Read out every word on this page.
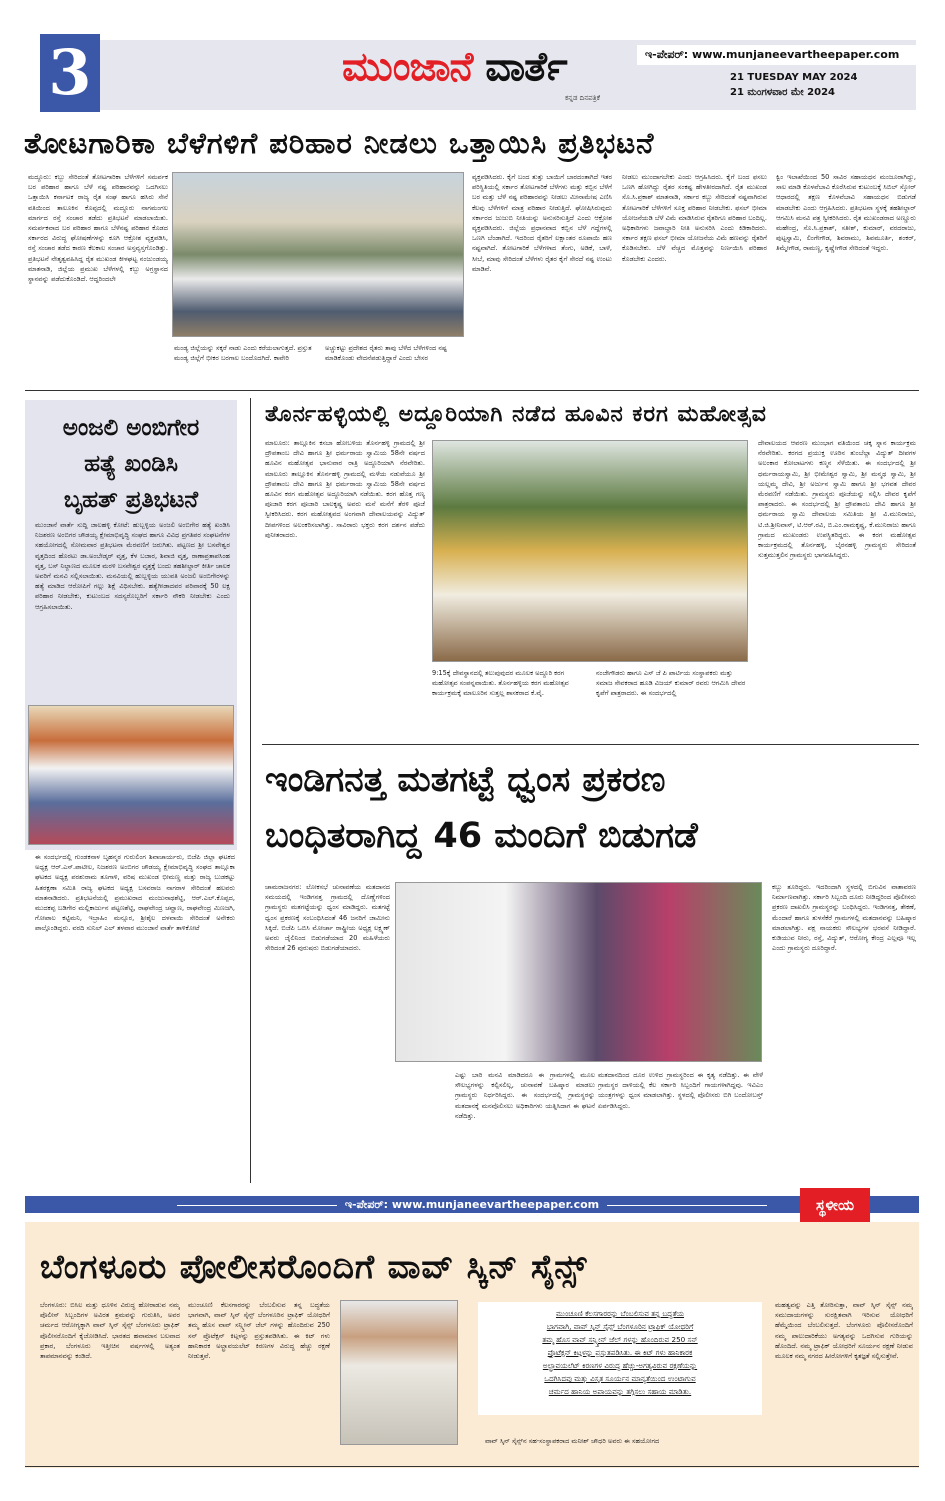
3	ಮುಂಜಾನೆ ವಾರ್ತೆ
ಕನ್ನಡ ದಿನಪತ್ರಿಕೆ
ಇ-ಪೇಪರ್: www.munjaneevartheepaper.com
21 TUESDAY MAY 2024
21 ಮಂಗಳವಾರ ಮೇ 2024
ತೋಟಗಾರಿಕಾ ಬೆಳೆಗಳಿಗೆ ಪರಿಹಾರ ನೀಡಲು ಒತ್ತಾಯಿಸಿ ಪ್ರತಿಭಟನೆ
ಮದ್ದೂರು: ಕಬ್ಬು ಸೇರಿದಂತೆ ತೋಟಗಾರಿಕಾ ಬೆಳೆಗಳಿಗೆ ಸಮರ್ಪಕ ಬರ ಪರಿಹಾರ ಹಾಗೂ ಬೆಳೆ ನಷ್ಟ ಪರಿಹಾರವನ್ನು ಒದಗಿಸಲು ಒತ್ತಾಯಿಸಿ ಕರ್ನಾಟಕ ರಾಜ್ಯ ರೈತ ಸಂಘ ಹಾಗೂ ಹಸಿರು ಸೇನೆ ವತಿಯಿಂದ ತಾಲೂಕಿನ ಕೊಪ್ಪದಲ್ಲಿ ಮದ್ದೂರು ನಾಗಮಂಗಲ ಮಾರ್ಗದ ರಸ್ತೆ ಸಂಚಾರ ತಡೆದು ಪ್ರತಿಭಟನೆ ಮಾಡಲಾಯಿತು. ಸಮರ್ಪಕವಾದ ಬರ ಪರಿಹಾರ ಹಾಗೂ ಬೆಳೆನಷ್ಟ ಪರಿಹಾರ ಕೊಡದ ಸರ್ಕಾರದ ವಿರುದ್ಧ ಘೋಷಣೆಗಳನ್ನು ಕೂಗಿ ಆಕ್ರೋಶ ವ್ಯಕ್ತಪಡಿಸಿ, ರಸ್ತೆ ಸಂಚಾರ ತಡೆದ ಕಾರಣ ಕೆಲಕಾಲ ಸಂಚಾರ ಅಸ್ತವ್ಯಸ್ತಗೊಂಡಿತ್ತು. ಪ್ರತಿಭಟನೆ ನೇತೃತ್ವವಹಿಸಿದ್ದ ರೈತ ಮುಖಂಡ ಕೀಳಘಟ್ಟ ನಂಜುಂಡಯ್ಯ ಮಾತನಾಡಿ, ಜಿಲ್ಲೆಯ ಪ್ರಮುಖ ಬೆಳೆಗಳಲ್ಲಿ ಕಬ್ಬು ಅಗ್ರಸ್ಥಾನದ ಸ್ಥಾನವನ್ನು ಪಡೆದುಕೊಂಡಿದೆ. ಆದ್ದರಿಂದಲೇ
ಮಂಡ್ಯ ಜಿಲ್ಲೆಯನ್ನು ಸಕ್ಕರೆ ನಾಡು ಎಂದು ಕರೆಯಲಾಗುತ್ತದೆ. ಪ್ರಸ್ತುತ ಮಂಡ್ಯ ಜಿಲ್ಲೆಗೆ ಭೀಕರ ಬರಗಾಲ ಬಂದೊದಗಿದೆ. ಕಾವೇರಿ
ಅಚ್ಚುಕಟ್ಟು ಪ್ರದೇಶದ ರೈತರು ತಾವು ಬೆಳೆದ ಬೆಳೆಗಳಿಂದ ನಷ್ಟ ಮಾಡಿಕೊಂಡು ವೇದನೆಪಡುತ್ತಿದ್ದಾರೆ ಎಂದು ಬೇಸರ
ವ್ಯಕ್ತಪಡಿಸಿದರು. ಕೈಗೆ ಬಂದ ತುತ್ತು ಬಾಯಿಗೆ ಬಾರದಂತಾಗಿದೆ ಇತರ ಪರಿಸ್ಥಿತಿಯಲ್ಲಿ ಸರ್ಕಾರ ತೋಟಗಾರಿಕೆ ಬೆಳೆಗಳು ಮತ್ತು ಕಬ್ಬಿನ ಬೆಳೆಗೆ ಬರ ಮತ್ತು ಬೆಳೆ ನಷ್ಟ ಪರಿಹಾರವನ್ನು ನೀಡಲು ಮೀನಾಮೇಷ ಎಣಿಸಿ ಕೆಲವು ಬೆಳೆಗಳಿಗೆ ಮಾತ್ರ ಪರಿಹಾರ ನೀಡುತ್ತಿದೆ. ಘೋಷಿಸಿರುವುದು ಸರ್ಕಾರದ ಜುಜುಬಿ ನೀತಿಯನ್ನು ಅನುಸರಿಸುತ್ತಿದೆ ಎಂದು ಆಕ್ರೋಶ ವ್ಯಕ್ತಪಡಿಸಿದರು. ಜಿಲ್ಲೆಯ ಪ್ರಧಾನವಾದ ಕಬ್ಬಿನ ಬೆಳೆ ಗದ್ದೆಗಳಲ್ಲಿ ಒಣಗಿ ಬೆಂಡಾಗಿದೆ. ಇದರಿಂದ ರೈತರಿಗೆ ಲಕ್ಷಾಂತರ ರೂಪಾಯಿ ಹಣ ನಷ್ಟವಾಗಿದೆ. ತೋಟಗಾರಿಕೆ ಬೆಳೆಗಳಾದ ತೆಂಗು, ಅಡಿಕೆ, ಬಾಳೆ, ಸೀಬೆ, ಮಾವು ಸೇರಿದಂತೆ ಬೆಳೆಗಳು ರೈತರ ಕೈಗೆ ಸೇರದೆ ನಷ್ಟ ಉಂಟು ಮಾಡಿವೆ.
ನೀಡಲು ಮುಂದಾಗಬೇಕು ಎಂದು ಆಗ್ರಹಿಸಿದರು. ಕೈಗೆ ಬಂದ ಫಸಲು ಒಣಗಿ ಹೋಗಿದ್ದು ರೈತರ ಸಂಕಷ್ಟ ಹೇಳತೀರದಾಗಿದೆ. ರೈತ ಮುಖಂಡ ಸೊ.ಸಿ.ಪ್ರಕಾಶ್ ಮಾತನಾಡಿ, ಸರ್ಕಾರ ಕಬ್ಬು ಸೇರಿದಂತೆ ನಷ್ಟವಾಗಿರುವ ತೋಟಗಾರಿಕೆ ಬೆಳೆಗಳಿಗೆ ಸೂಕ್ತ ಪರಿಹಾರ ನೀಡಬೇಕು. ಫಸಲ್ ಭೀಮಾ ಯೋಜನೆಯಡಿ ಬೆಳೆ ವಿಮೆ ಮಾಡಿಸಿರುವ ರೈತರಿಗೂ ಪರಿಹಾರ ಬಂದಿಲ್ಲ. ಅಧಿಕಾರಿಗಳು ಜವಾಬ್ದಾರಿ ನೀತಿ ಅನುಸರಿಸಿ ಎಂದು ಕಿಡಿಕಾರಿದರು. ಸರ್ಕಾರ ತಕ್ಷಣ ಫಸಲ್ ಭೀಮಾ ಯೋಜನೆಯ ವಿಮೆ ಹಣವನ್ನು ರೈತರಿಗೆ ಕೊಡಿಸಬೇಕು. ಬೆಳೆ ವೆಚ್ಚದ ಮೊತ್ತವನ್ನು ನಿರ್ಣಯಿಸಿ ಪರಿಹಾರ ಕೊಡಬೇಕು ಎಂದರು.
ಕ್ವಿಂ ಇಲಾಖೆಯಿಂದ 50 ಸಾವಿರ ಸಹಾಯಧನ ಮಂಜೂರಾಗಿದ್ದು, ಸಾಲ ಮಾಡಿ ಕೊಳವೆಬಾವಿ ಕೊರೆಸಿರುವ ಕುಟುಂಬಕ್ಕೆ ಸಿಬಿಲ್ ಸ್ಕೋರ್ ಆಧಾರದಲ್ಲಿ ತಕ್ಷಣ ಕೊಳವೆಬಾವಿ ಸಹಾಯಧನ ಬಿಡುಗಡೆ ಮಾಡಬೇಕು ಎಂದು ಆಗ್ರಹಿಸಿದರು. ಪ್ರತಿಭಟನಾ ಸ್ಥಳಕ್ಕೆ ತಹಶೀಲ್ದಾರ್ ಆಗಮಿಸಿ ಮನವಿ ಪತ್ರ ಸ್ವೀಕರಿಸಿದರು. ರೈತ ಮುಖಂಡರಾದ ಅಣ್ಣೂರು ಮಹೇಂದ್ರ, ಸೊ.ಸಿ.ಪ್ರಕಾಶ್, ಸತೀಶ್, ಕುಮಾರ್, ವರದರಾಜು, ಪುಟ್ಟಸ್ವಾಮಿ, ಲಿಂಗೇಗೌಡ, ಶಿವರಾಮು, ಶಿವಮೂರ್ತಿ, ಶಂಕರ್, ತಿಮ್ಮೇಗೌಡ, ರಾಮಣ್ಣ, ಕೃಷ್ಣೇಗೌಡ ಸೇರಿದಂತೆ ಇದ್ದರು.
ಅಂಜಲಿ ಅಂಬಿಗೇರ
ಹತ್ಯೆ ಖಂಡಿಸಿ
ಬೃಹತ್ ಪ್ರತಿಭಟನೆ
ಮುಂಜಾನೆ ವಾರ್ತೆ ಸುದ್ದಿ ಜಾಲಹಳ್ಳಿ ಕೋಟೆ: ಹುಬ್ಬಳ್ಳಿಯ ಅಂಜಲಿ ಅಂಬಿಗೇರ ಹತ್ಯೆ ಖಂಡಿಸಿ ನಿಜಶರಣ ಅಂಬಿಗರ ಚೌಡಯ್ಯ ಕ್ಷೇಮಾಭಿವೃದ್ಧಿ ಸಂಘದ ಹಾಗೂ ವಿವಿಧ ಪ್ರಗತಿಪರ ಸಂಘಟನೆಗಳ ಸಹಯೋಗದಲ್ಲಿ ಸೋಮವಾರ ಪ್ರತಿಭಟನಾ ಮೆರವಣಿಗೆ ಜರುಗಿತು. ಪಟ್ಟಣದ ಶ್ರೀ ಬಸವೇಶ್ವರ ವೃತ್ತದಿಂದ ಹೊರಟು ಡಾ.ಅಂಬೇಡ್ಕರ್ ವೃತ್ತ, ಕೆಳ ಬಜಾರ, ಶಿವಾಜಿ ವೃತ್ತ, ರಾಣಾಪ್ರತಾಪಸಿಂಹ ವೃತ್ತ, ಬಸ್ ನಿಲ್ದಾಣದ ಮೂಲಕ ಮರಳಿ ಬಸವೇಶ್ವರ ವೃತ್ತಕ್ಕೆ ಬಂದು ತಹಶೀಲ್ದಾರ್ ಕೀರ್ತಿ ಚಾಲಕ ಅವರಿಗೆ ಮನವಿ ಸಲ್ಲಿಸಲಾಯಿತು. ಮನವಿಯಲ್ಲಿ ಹುಬ್ಬಳ್ಳಿಯ ಯುವತಿ ಅಂಜಲಿ ಅಂಬಿಗೇರಳನ್ನು ಹತ್ಯೆ ಮಾಡಿದ ಆರೋಪಿಗೆ ಗಲ್ಲು ಶಿಕ್ಷೆ ವಿಧಿಸಬೇಕು. ಹತ್ಯೆಗೀಡಾದವರ ಪರಿವಾರಕ್ಕೆ 50 ಲಕ್ಷ ಪರಿಹಾರ ನೀಡಬೇಕು, ಕುಟುಂಬದ ಸದಸ್ಯರೊಬ್ಬರಿಗೆ ಸರ್ಕಾರಿ ನೌಕರಿ ನೀಡಬೇಕು ಎಂದು ಆಗ್ರಹಿಸಲಾಯಿತು.
ಈ ಸಂದರ್ಭದಲ್ಲಿ ಗುಂಡಕನಾಳ ಬೃಹನ್ಮಠ ಗುರುಲಿಂಗ ಶಿವಾಚಾರ್ಯರು, ಬಿಜೆಪಿ ಜಿಲ್ಲಾ ಘಟಕದ ಅಧ್ಯಕ್ಷ ಆರ್.ಎಸ್.ಪಾಟೀಲ, ನಿಜಶರಣ ಅಂಬಿಗರ ಚೌಡಯ್ಯ ಕ್ಷೇಮಾಭಿವೃದ್ಧಿ ಸಂಘದ ತಾಲ್ಲೂಕಾ ಘಟಕದ ಅಧ್ಯಕ್ಷ ಪರಶುರಾಮ ತೂಗಾಳಿ, ವರಿಷ ಮುಖಂಡ ಭೀಮಣ್ಣ ಮತ್ತು ರಾಜ್ಯ ಬುಡಕಟ್ಟು ಹಿತರಕ್ಷಣಾ ಸಮಿತಿ ರಾಜ್ಯ ಘಟಕದ ಅಧ್ಯಕ್ಷ ಬಸವರಾಜ ನಾಗರಾಳ ಸೇರಿದಂತೆ ಹಲವರು ಮಾತನಾಡಿದರು. ಪ್ರತಿಭಟನೆಯಲ್ಲಿ ಪ್ರಮುಖರಾದ ಮಂಜುನಾಥಶೆಟ್ಟಿ, ಆರ್.ಎಲ್.ಕೊಪ್ಪದ, ಮುದಕಪ್ಪ ಬಡಿಗೇರ ಮಲ್ಲಿಕಾರ್ಜುನ ಪಟ್ಟಣಶೆಟ್ಟಿ, ರಾಘವೇಂದ್ರ ಚವ್ಹಾಣ, ರಾಘವೇಂದ್ರ ಮಿಣಜಗಿ, ಗೋಪಾಲ ಕಟ್ಟಿಮನಿ, ಇಬ್ರಾಹಿಂ ಮನ್ಸೂರ, ಶ್ರೀಶೈಲ ದಳವಾಯಿ ಸೇರಿದಂತೆ ಅನೇಕರು ಪಾಲ್ಗೊಂಡಿದ್ದರು. ವರದಿ ಸುನಿಲ್ ಎಲ್ ತಳವಾರ ಮುಂಜಾನೆ ವಾರ್ತೆ ತಾಳಿಕೋಟೆ
ತೊರ್ನಹಳ್ಳಿಯಲ್ಲಿ ಅದ್ದೂರಿಯಾಗಿ ನಡೆದ ಹೂವಿನ ಕರಗ ಮಹೋತ್ಸವ
ಮಾಲೂರು: ತಾಲ್ಲೂಕಿನ ಕಸಬಾ ಹೋಬಳಿಯ ತೊರ್ನಹಳ್ಳಿ ಗ್ರಾಮದಲ್ಲಿ ಶ್ರೀ ದ್ರೌಪತಾಂಬ ದೇವಿ ಹಾಗೂ ಶ್ರೀ ಧರ್ಮರಾಯ ಸ್ವಾಮಿಯ 58ನೇ ವರ್ಷದ ಹೂವಿನ ಮಹೋತ್ಸವ ಭಾನುವಾರ ರಾತ್ರಿ ಅದ್ದೂರಿಯಾಗಿ ನೆರವೇರಿತು. ಮಾಲೂರು ತಾಲ್ಲೂಕಿನ ತೊರ್ನಹಳ್ಳಿ ಗ್ರಾಮದಲ್ಲಿ ಮಳೆಯ ನಡುವೆಯೂ ಶ್ರೀ ದ್ರೌಪತಾಂಬ ದೇವಿ ಹಾಗೂ ಶ್ರೀ ಧರ್ಮರಾಯ ಸ್ವಾಮಿಯ 58ನೇ ವರ್ಷದ ಹೂವಿನ ಕರಗ ಮಹೋತ್ಸವ ಅದ್ದೂರಿಯಾಗಿ ನಡೆಯಿತು. ಕರಗ ಹೊತ್ತ ಗಣ್ಯ ಪೂಜಾರಿ ಕರಗ ಪೂಜಾರಿ ಬಾಲಕೃಷ್ಣ ಅವರು ಮನೆ ಮನೆಗೆ ತೆರಳಿ ಪೂಜೆ ಸ್ವೀಕರಿಸಿದರು. ಕರಗ ಮಹೋತ್ಸವದ ಅಂಗವಾಗಿ ದೇವಾಲಯವನ್ನು ವಿದ್ಯುತ್ ದೀಪಗಳಿಂದ ಅಲಂಕರಿಸಲಾಗಿತ್ತು. ಸಾವಿರಾರು ಭಕ್ತರು ಕರಗ ದರ್ಶನ ಪಡೆದು ಪುನೀತರಾದರು.
9:15ಕ್ಕೆ ದೇವಸ್ಥಾನದಲ್ಲಿ ತಲುಪುವುದರ ಮೂಲಕ ಅದ್ದೂರಿ ಕರಗ ಮಹೋತ್ಸವ ಸಂಪನ್ನವಾಯಿತು. ತೊರ್ನಹಳ್ಳಿಯ ಕರಗ ಮಹೋತ್ಸವ ಕಾರ್ಯಕ್ರಮಕ್ಕೆ ಮಾಲೂರಿನ ಸುತ್ತಲ್ಲ ಶಾಸಕರಾದ ಕೆ.ವೈ.
ನಂಜೇಗೌಡರು ಹಾಗೂ ಎಸ್ ಜೆ ಪಿ ಪಾರ್ಟಿಯ ಸಂಸ್ಥಾಪಕರು ಮತ್ತು ಸಮಾಜ ಸೇವಕರಾದ ಹೂಡಿ ವಿಜಯ್ ಕುಮಾರ್ ರವರು ಆಗಮಿಸಿ ದೇವರ ಕೃಪೆಗೆ ಪಾತ್ರರಾದರು. ಈ ಸಂದರ್ಭದಲ್ಲಿ
ದೇವಾಲಯದ ಆವರಣ ಮುಂಭಾಗ ವತಿಯಿಂದ ಚಕ್ಕ ಸ್ನಾನ ಕಾರ್ಯಕ್ರಮ ನೆರವೇರಿತು. ಕರಗದ ಪ್ರಯುಕ್ತ ಊರಿನ ತುಂಬೆಲ್ಲಾ ವಿದ್ಯುತ್ ದೀಪಗಳ ಅಲಂಕಾರ ಕೋಲಾಟಗಳು ಕಣ್ಮನ ಸೆಳೆಯಿತು. ಈ ಸಂದರ್ಭದಲ್ಲಿ ಶ್ರೀ ಧರ್ಮರಾಯಸ್ವಾಮಿ, ಶ್ರೀ ಭೀಮೇಶ್ವರ ಸ್ವಾಮಿ, ಶ್ರೀ ಮನ್ಮಥ ಸ್ವಾಮಿ, ಶ್ರೀ ಯಲ್ಲಮ್ಮ ದೇವಿ, ಶ್ರೀ ಅರ್ಜುನ ಸ್ವಾಮಿ ಹಾಗೂ ಶ್ರೀ ಭಗವತ ದೇವರ ಮೆರವಣಿಗೆ ನಡೆಯಿತು. ಗ್ರಾಮಸ್ಥರು ಪೂಜೆಯನ್ನು ಸಲ್ಲಿಸಿ ದೇವರ ಕೃಪೆಗೆ ಪಾತ್ರರಾದರು. ಈ ಸಂದರ್ಭದಲ್ಲಿ ಶ್ರೀ ದ್ರೌಪತಾಂಬ ದೇವಿ ಹಾಗೂ ಶ್ರೀ ಧರ್ಮರಾಯ ಸ್ವಾಮಿ ದೇವಾಲಯ ಸಮಿತಿಯ ಶ್ರೀ ವಿ.ಮುನಿರಾಜು, ಟಿ.ಜಿ.ಶ್ರೀನಿವಾಸ್, ಟಿ.ಆರ್.ರವಿ, ಬಿ.ಎಂ.ರಾಮಕೃಷ್ಣ, ಕೆ.ಮುನಿರಾಜು ಹಾಗೂ ಗ್ರಾಮದ ಮುಖಂಡರು ಉಪಸ್ಥಿತರಿದ್ದರು. ಈ ಕರಗ ಮಹೋತ್ಸವ ಕಾರ್ಯಕ್ರಮದಲ್ಲಿ ತೊರ್ನಹಳ್ಳಿ, ಬೈರನಹಳ್ಳಿ ಗ್ರಾಮಸ್ಥರು ಸೇರಿದಂತೆ ಸುತ್ತಮುತ್ತಲಿನ ಗ್ರಾಮಸ್ಥರು ಭಾಗವಹಿಸಿದ್ದರು.
ಇಂಡಿಗನತ್ತ ಮತಗಟ್ಟೆ ಧ್ವಂಸ ಪ್ರಕರಣ
ಬಂಧಿತರಾಗಿದ್ದ 46 ಮಂದಿಗೆ ಬಿಡುಗಡೆ
ಚಾಮರಾಜನಗರ: ಲೋಕಸಭೆ ಚುನಾವಣೆಯ ಮತದಾನದ ಸಮಯದಲ್ಲಿ ಇಂಡಿಗನತ್ತ ಗ್ರಾಮದಲ್ಲಿ ದೊಣ್ಣೆಗಳಿಂದ ಗ್ರಾಮಸ್ಥರು ಮತಗಟ್ಟೆಯನ್ನು ಧ್ವಂಸ ಮಾಡಿದ್ದರು. ಮತಗಟ್ಟೆ ಧ್ವಂಸ ಪ್ರಕರಣಕ್ಕೆ ಸಂಬಂಧಿಸಿದಂತೆ 46 ಜನರಿಗೆ ಜಾಮೀನು ಸಿಕ್ಕಿದೆ. ಬಿಜೆಪಿ ಒಬಿಸಿ ಮೋರ್ಚಾ ರಾಷ್ಟ್ರೀಯ ಅಧ್ಯಕ್ಷ ಲಕ್ಷ್ಮಣ್ ಅವರು ಜೈಲಿನಿಂದ ಬಿಡುಗಡೆಯಾದ 20 ಮಹಿಳೆಯರು ಸೇರಿದಂತೆ 26 ಪುರುಷರು ಬಿಡುಗಡೆಯಾದರು.
ಎಷ್ಟು ಬಾರಿ ಮನವಿ ಮಾಡಿದರೂ ಈ ಗ್ರಾಮಗಳಲ್ಲಿ ಮೂಲ ಸೌಲಭ್ಯಗಳನ್ನು ಕಲ್ಪಿಸಲಿಲ್ಲ, ಚುನಾವಣೆ ಬಹಿಷ್ಕಾರ ಮಾಡಲು ಗ್ರಾಮಸ್ಥರು ನಿರ್ಧರಿಸಿದ್ದರು. ಈ ಸಂದರ್ಭದಲ್ಲಿ ಗ್ರಾಮಸ್ಥರನ್ನು ಮತದಾನಕ್ಕೆ ಮನವೊಲಿಸಲು ಅಧಿಕಾರಿಗಳು ಯತ್ನಿಸಿದಾಗ ಈ ಘಟನೆ ನಡೆದಿತ್ತು.
ಮತದಾನದಿಂದ ದೂರ ಉಳಿದ ಗ್ರಾಮಸ್ಥರಿಂದ ಈ ಕೃತ್ಯ ನಡೆದಿತ್ತು. ಈ ವೇಳೆ ಗ್ರಾಮಸ್ಥರ ದಾಳಿಯಲ್ಲಿ ಕೆಲ ಸರ್ಕಾರಿ ಸಿಬ್ಬಂದಿಗೆ ಗಾಯಗಳಾಗಿದ್ದವು. ಇವಿಎಂ ಯಂತ್ರಗಳನ್ನು ಧ್ವಂಸ ಮಾಡಲಾಗಿತ್ತು. ಸ್ಥಳದಲ್ಲಿ ಪೊಲೀಸರು ಬಿಗಿ ಬಂದೋಬಸ್ತ್ ಏರ್ಪಡಿಸಿದ್ದರು.
ಕಬ್ಬು ತೂರಿದ್ದರು. ಇದರಿಂದಾಗಿ ಸ್ಥಳದಲ್ಲಿ ಬಿಗುವಿನ ವಾತಾವರಣ ನಿರ್ಮಾಣವಾಗಿತ್ತು. ಸರ್ಕಾರಿ ಸಿಬ್ಬಂದಿ ದೂರು ನೀಡಿದ್ದರಿಂದ ಪೊಲೀಸರು ಪ್ರಕರಣ ದಾಖಲಿಸಿ ಗ್ರಾಮಸ್ಥರನ್ನು ಬಂಧಿಸಿದ್ದರು. ಇಂಡಿಗನತ್ತ, ತೇಕಣೆ, ಮೆಂದಾರೆ ಹಾಗೂ ತುಳಸೆಕೆರೆ ಗ್ರಾಮಗಳಲ್ಲಿ ಮತದಾನವನ್ನು ಬಹಿಷ್ಕಾರ ಮಾಡಲಾಗಿತ್ತು. ಪಕ್ಷ ನಾಯಕರು ಸೌಲಭ್ಯಗಳ ಭರವಸೆ ನೀಡಿದ್ದಾರೆ. ಕುಡಿಯುವ ನೀರು, ರಸ್ತೆ, ವಿದ್ಯುತ್, ಆರೋಗ್ಯ ಕೇಂದ್ರ ಎಲ್ಲವೂ ಇಲ್ಲ ಎಂದು ಗ್ರಾಮಸ್ಥರು ದೂರಿದ್ದಾರೆ.
ಇ-ಪೇಪರ್: www.munjaneevartheepaper.com	ಸ್ಥಳೀಯ
ಬೆಂಗಳೂರು ಪೋಲೀಸರೊಂದಿಗೆ ವಾವ್ ಸ್ಕಿನ್ ಸೈನ್ಸ್
ಬೆಂಗಳೂರು: ಬಿಸಿಲ ಮತ್ತು ಧೂಳಿನ ವಿರುದ್ಧ ಹೋರಾಡುವ ನಮ್ಮ ಪೊಲೀಸ್ ಸಿಬ್ಬಂದಿಗಳ ಅವಿರತ ಶ್ರಮವನ್ನು ಗುರುತಿಸಿ, ಅವರ ಚರ್ಮದ ಆರೋಗ್ಯಕ್ಕಾಗಿ ವಾವ್ ಸ್ಕಿನ್ ಸೈನ್ಸ್ ಬೆಂಗಳೂರು ಟ್ರಾಫಿಕ್ ಪೊಲೀಸರೊಂದಿಗೆ ಕೈಜೋಡಿಸಿದೆ. ಭಾರತದ ಹವಾಮಾನ ಬಲವಾದ ಪ್ರಕಾರ, ಬೆಂಗಳೂರು ಇತ್ತೀಚಿನ ವರ್ಷಗಳಲ್ಲಿ ಅತ್ಯಂತ ತಾಪಮಾನವನ್ನು ಕಂಡಿದೆ.
ಮುಂಚೂಣಿ ಕೆಲಸಗಾರರನ್ನು ಬೆಂಬಲಿಸುವ ತನ್ನ ಬದ್ಧತೆಯ ಭಾಗವಾಗಿ, ವಾವ್ ಸ್ಕಿನ್ ಸೈನ್ಸ್ ಬೆಂಗಳೂರಿನ ಟ್ರಾಫಿಕ್ ಯೋಧರಿಗೆ ತಮ್ಮ ಹೊಸ ವಾವ್ ಸನ್ಸ್ಕ್ರೀನ್ ಜೆಲ್ ಗಳನ್ನು ಹೊಂದಿರುವ 250 ಸನ್ ಪ್ರೊಟೆಕ್ಷನ್ ಕಿಟ್ಗಳನ್ನು ಪ್ರಸ್ತುತಪಡಿಸಿತು. ಈ ಕಿಟ್ ಗಳು ಹಾನಿಕಾರಕ ಅಲ್ಟ್ರಾವಯಲೆಟ್ ಕಿರಣಗಳ ವಿರುದ್ಧ ಹೆಚ್ಚು ರಕ್ಷಣೆ ನೀಡುತ್ತವೆ.
ಮುಂಚೂಣಿ ಕೆಲಸಗಾರರನ್ನು ಬೆಂಬಲಿಸುವ ತನ್ನ ಬದ್ಧತೆಯ
ಭಾಗವಾಗಿ, ವಾವ್ ಸ್ಕಿನ್ ಸೈನ್ಸ್ ಬೆಂಗಳೂರಿನ ಟ್ರಾಫಿಕ್ ಯೋಧರಿಗೆ
ತಮ್ಮ ಹೊಸ ವಾವ್ ಸನ್ಸ್ಕ್ರೀನ್ ಜೆಲ್ ಗಳನ್ನು ಹೊಂದಿರುವ 250 ಸನ್
ಪ್ರೊಟೆಕ್ಷನ್ ಕಿಟ್ಗಳನ್ನು ಪ್ರಸ್ತುತಪಡಿಸಿತು. ಈ ಕಿಟ್ ಗಳು ಹಾನಿಕಾರಕ
ಅಲ್ಟ್ರಾವಯಲೆಟ್ ಕಿರಣಗಳ ವಿರುದ್ಧ ಹೆಚ್ಚು-ಅಗತ್ಯವಿರುವ ರಕ್ಷಣೆಯನ್ನು
ಒದಗಿಸಿದವು ಮತ್ತು ವಿಸ್ತೃತ ಸೂರ್ಯನ ಮಾನ್ಯತೆಯಿಂದ ಉಂಟಾಗುವ
ಚರ್ಮದ ಹಾನಿಯ ಅಪಾಯವನ್ನು ತಗ್ಗಿಸಲು ಸಹಾಯ ಮಾಡಿತು.
ವಾವ್ ಸ್ಕಿನ್ ಸೈನ್ಸ್‌ನ ಸಹ-ಸಂಸ್ಥಾಪಕರಾದ ಮನೀಶ್ ಚೌಧರಿ ಅವರು ಈ ಸಹಯೋಗದ
ಮಹತ್ವವನ್ನು ಎತ್ತಿ ತೋರಿಸುತ್ತಾ, ವಾವ್ ಸ್ಕಿನ್ ಸೈನ್ಸ್ ನಮ್ಮ ಸಮುದಾಯಗಳನ್ನು ಸುರಕ್ಷಿತವಾಗಿ ಇರಿಸುವ ಯೋಧರಿಗೆ ಹೆಮ್ಮೆಯಿಂದ ಬೆಂಬಲಿಸುತ್ತದೆ. ಬೆಂಗಳೂರು ಪೊಲೀಸರೊಂದಿಗೆ ನಮ್ಮ ಪಾಲುದಾರಿಕೆಯು ಅಗತ್ಯವನ್ನು ಒದಗಿಸುವ ಗುರಿಯನ್ನು ಹೊಂದಿದೆ. ನಮ್ಮ ಟ್ರಾಫಿಕ್ ಯೋಧರಿಗೆ ಸೂರ್ಯನ ರಕ್ಷಣೆ ನೀಡುವ ಮೂಲಕ ನಮ್ಮ ನಗರದ ಹೀರೋಗಳಿಗೆ ಕೃತಜ್ಞತೆ ಸಲ್ಲಿಸುತ್ತೇವೆ.
